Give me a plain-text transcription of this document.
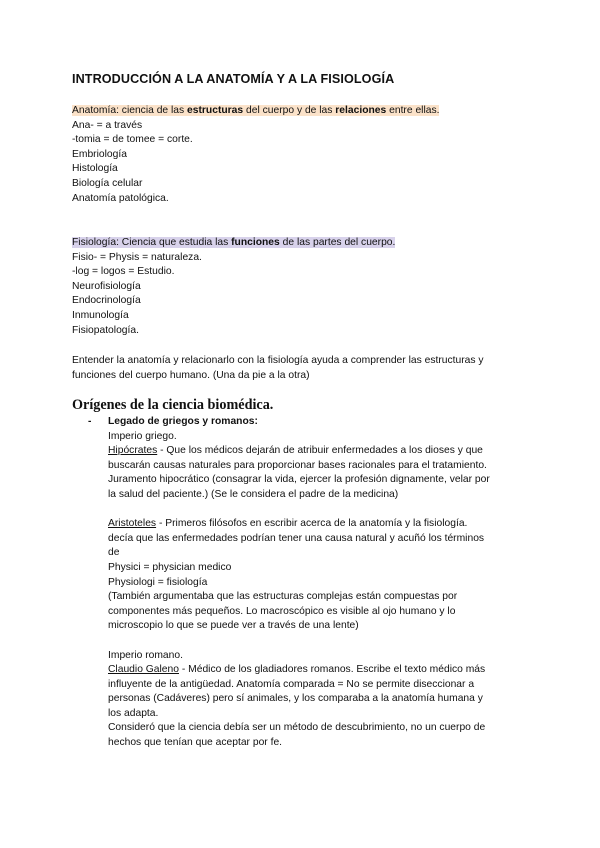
INTRODUCCIÓN A LA ANATOMÍA Y A LA FISIOLOGÍA
Anatomía: ciencia de las estructuras del cuerpo y de las relaciones entre ellas.
Ana- = a través
-tomia = de tomee = corte.
Embriología
Histología
Biología celular
Anatomía patológica.
Fisiología: Ciencia que estudia las funciones de las partes del cuerpo.
Fisio- = Physis = naturaleza.
-log = logos = Estudio.
Neurofisiología
Endocrinología
Inmunología
Fisiopatología.
Entender la anatomía y relacionarlo con la fisiología ayuda a comprender las estructuras y
funciones del cuerpo humano. (Una da pie a la otra)
Orígenes de la ciencia biomédica.
- Legado de griegos y romanos:
Imperio griego.
Hipócrates - Que los médicos dejarán de atribuir enfermedades a los dioses y que
buscarán causas naturales para proporcionar bases racionales para el tratamiento.
Juramento hipocrático (consagrar la vida, ejercer la profesión dignamente, velar por
la salud del paciente.) (Se le considera el padre de la medicina)
Aristoteles - Primeros filósofos en escribir acerca de la anatomía y la fisiología.
decía que las enfermedades podrían tener una causa natural y acuñó los términos
de
Physici = physician medico
Physiologi = fisiología
(También argumentaba que las estructuras complejas están compuestas por
componentes más pequeños. Lo macroscópico es visible al ojo humano y lo
microscopio lo que se puede ver a través de una lente)
Imperio romano.
Claudio Galeno - Médico de los gladiadores romanos. Escribe el texto médico más
influyente de la antigüedad. Anatomía comparada = No se permite diseccionar a
personas (Cadáveres) pero sí animales, y los comparaba a la anatomía humana y
los adapta.
Consideró que la ciencia debía ser un método de descubrimiento, no un cuerpo de
hechos que tenían que aceptar por fe.
